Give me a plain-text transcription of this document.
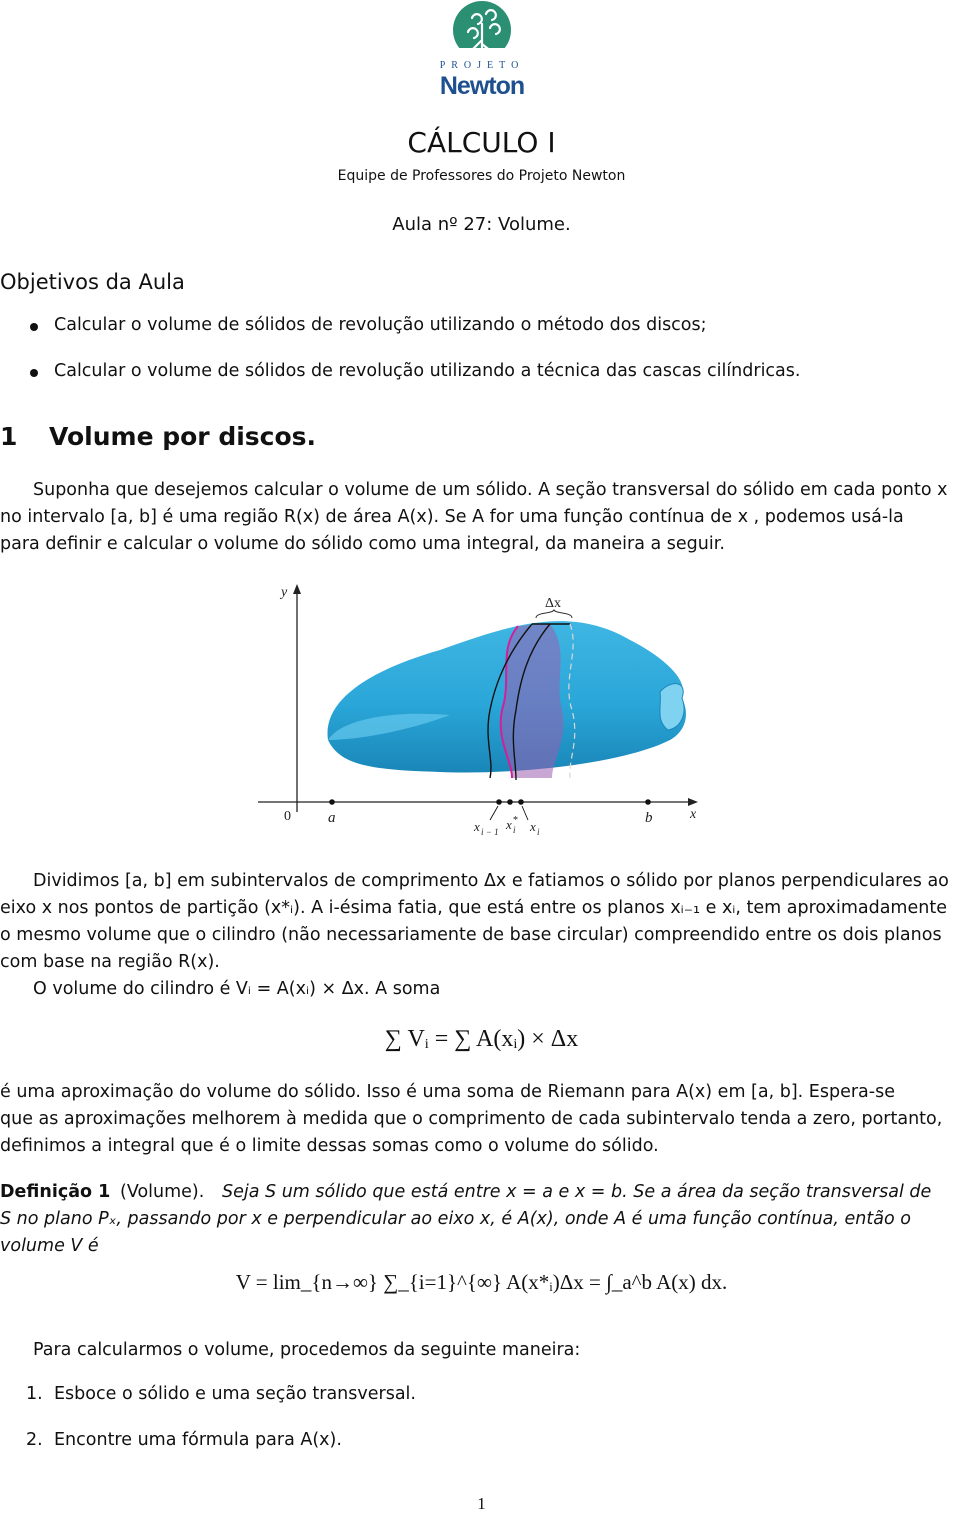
PROJETO
Newton
CÁLCULO I
Equipe de Professores do Projeto Newton
Aula nº 27: Volume.
Objetivos da Aula
Calcular o volume de sólidos de revolução utilizando o método dos discos;
Calcular o volume de sólidos de revolução utilizando a técnica das cascas cilíndricas.
1 Volume por discos.
Suponha que desejemos calcular o volume de um sólido. A seção transversal do sólido em cada ponto x
no intervalo [a, b] é uma região R(x) de área A(x). Se A for uma função contínua de x , podemos usá-la
para definir e calcular o volume do sólido como uma integral, da maneira a seguir.
y
Δx
0 a
x i − 1 x i
* x i
b	x
Dividimos [a, b] em subintervalos de comprimento Δx e fatiamos o sólido por planos perpendiculares ao
eixo x nos pontos de partição (x*ᵢ). A i-ésima fatia, que está entre os planos xᵢ₋₁ e xᵢ, tem aproximadamente
o mesmo volume que o cilindro (não necessariamente de base circular) compreendido entre os dois planos
com base na região R(x).
O volume do cilindro é Vᵢ = A(xᵢ) × Δx. A soma
∑ Vᵢ = ∑ A(xᵢ) × Δx
é uma aproximação do volume do sólido. Isso é uma soma de Riemann para A(x) em [a, b]. Espera-se
que as aproximações melhorem à medida que o comprimento de cada subintervalo tenda a zero, portanto,
definimos a integral que é o limite dessas somas como o volume do sólido.
Definição 1 (Volume). Seja S um sólido que está entre x = a e x = b. Se a área da seção transversal de
S no plano Pₓ, passando por x e perpendicular ao eixo x, é A(x), onde A é uma função contínua, então o
volume V é
V = lim_{n→∞} ∑_{i=1}^{∞} A(x*ᵢ)Δx = ∫_a^b A(x) dx.
Para calcularmos o volume, procedemos da seguinte maneira:
1. Esboce o sólido e uma seção transversal.
2. Encontre uma fórmula para A(x).
1
